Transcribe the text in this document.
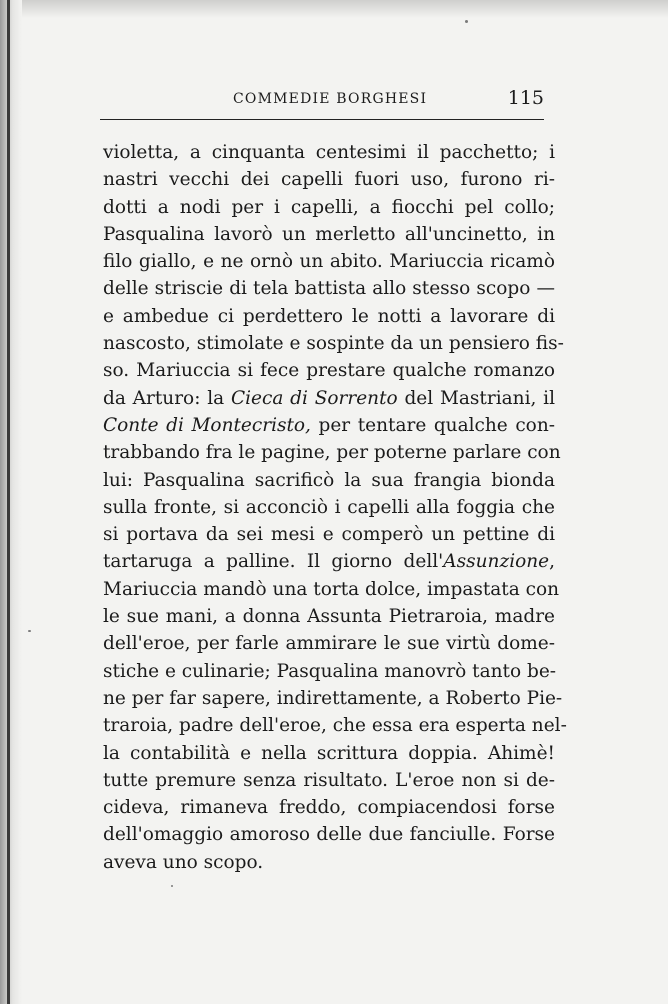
COMMEDIE BORGHESI	115
violetta, a cinquanta centesimi il pacchetto; i
nastri vecchi dei capelli fuori uso, furono ri-
dotti a nodi per i capelli, a fiocchi pel collo;
Pasqualina lavorò un merletto all'uncinetto, in
filo giallo, e ne ornò un abito. Mariuccia ricamò
delle striscie di tela battista allo stesso scopo —
e ambedue ci perdettero le notti a lavorare di
nascosto, stimolate e sospinte da un pensiero fis-
so. Mariuccia si fece prestare qualche romanzo
da Arturo: la Cieca di Sorrento del Mastriani, il
Conte di Montecristo, per tentare qualche con-
trabbando fra le pagine, per poterne parlare con
lui: Pasqualina sacrificò la sua frangia bionda
sulla fronte, si acconciò i capelli alla foggia che
si portava da sei mesi e comperò un pettine di
tartaruga a palline. Il giorno dell'Assunzione,
Mariuccia mandò una torta dolce, impastata con
le sue mani, a donna Assunta Pietraroia, madre
dell'eroe, per farle ammirare le sue virtù dome-
stiche e culinarie; Pasqualina manovrò tanto be-
ne per far sapere, indirettamente, a Roberto Pie-
traroia, padre dell'eroe, che essa era esperta nel-
la contabilità e nella scrittura doppia. Ahimè!
tutte premure senza risultato. L'eroe non si de-
cideva, rimaneva freddo, compiacendosi forse
dell'omaggio amoroso delle due fanciulle. Forse
aveva uno scopo.
